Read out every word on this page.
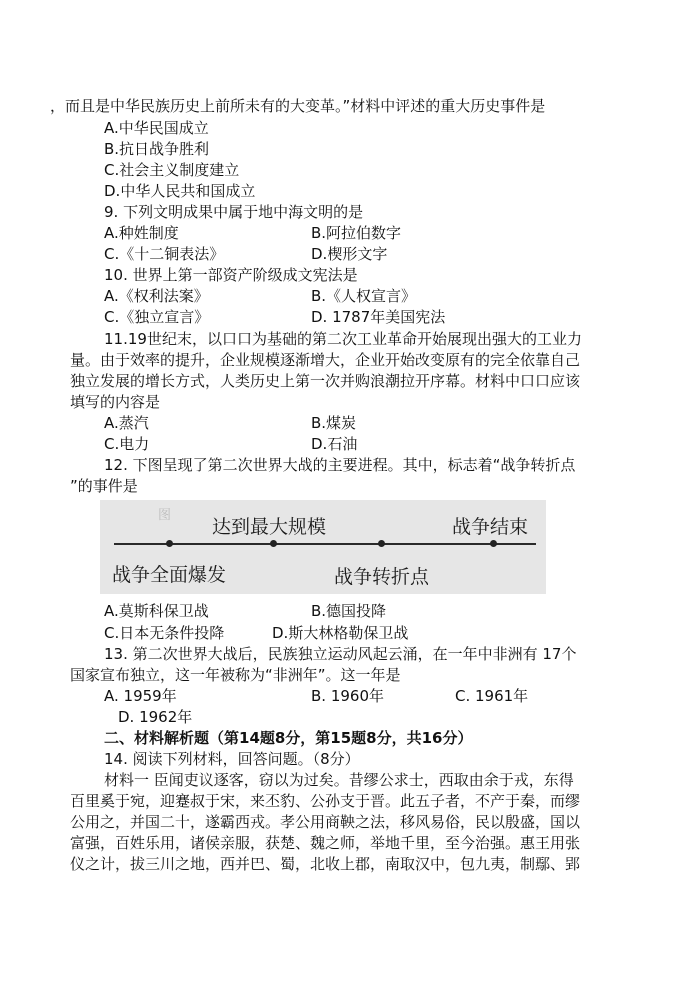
，而且是中华民族历史上前所未有的大变革。”材料中评述的重大历史事件是
A.中华民国成立
B.抗日战争胜利
C.社会主义制度建立
D.中华人民共和国成立
9. 下列文明成果中属于地中海文明的是
A.种姓制度	B.阿拉伯数字
C.《十二铜表法》	D.楔形文字
10. 世界上第一部资产阶级成文宪法是
A.《权利法案》	B.《人权宣言》
C.《独立宣言》	D. 1787年美国宪法
11.19世纪末，以口口为基础的第二次工业革命开始展现出强大的工业力
量。由于效率的提升，企业规模逐渐增大，企业开始改变原有的完全依靠自己
独立发展的增长方式，人类历史上第一次并购浪潮拉开序幕。材料中口口应该
填写的内容是
A.蒸汽	B.煤炭
C.电力	D.石油
12. 下图呈现了第二次世界大战的主要进程。其中，标志着“战争转折点
”的事件是
图
达到最大规模	战争结束
战争全面爆发	战争转折点
A.莫斯科保卫战	B.德国投降
C.日本无条件投降	D.斯大林格勒保卫战
13. 第二次世界大战后，民族独立运动风起云涌，在一年中非洲有 17个
国家宣布独立，这一年被称为“非洲年”。这一年是
A. 1959年	B. 1960年	C. 1961年
D. 1962年
二、材料解析题（第14题8分，第15题8分，共16分）
14. 阅读下列材料，回答问题。（8分）
材料一 臣闻吏议逐客，窃以为过矣。昔缪公求士，西取由余于戎，东得
百里奚于宛，迎蹇叔于宋，来丕豹、公孙支于晋。此五子者，不产于秦，而缪
公用之，并国二十，遂霸西戎。孝公用商鞅之法，移风易俗，民以殷盛，国以
富强，百姓乐用，诸侯亲服，获楚、魏之师，举地千里，至今治强。惠王用张
仪之计，拔三川之地，西并巴、蜀，北收上郡，南取汉中，包九夷，制鄢、郢
